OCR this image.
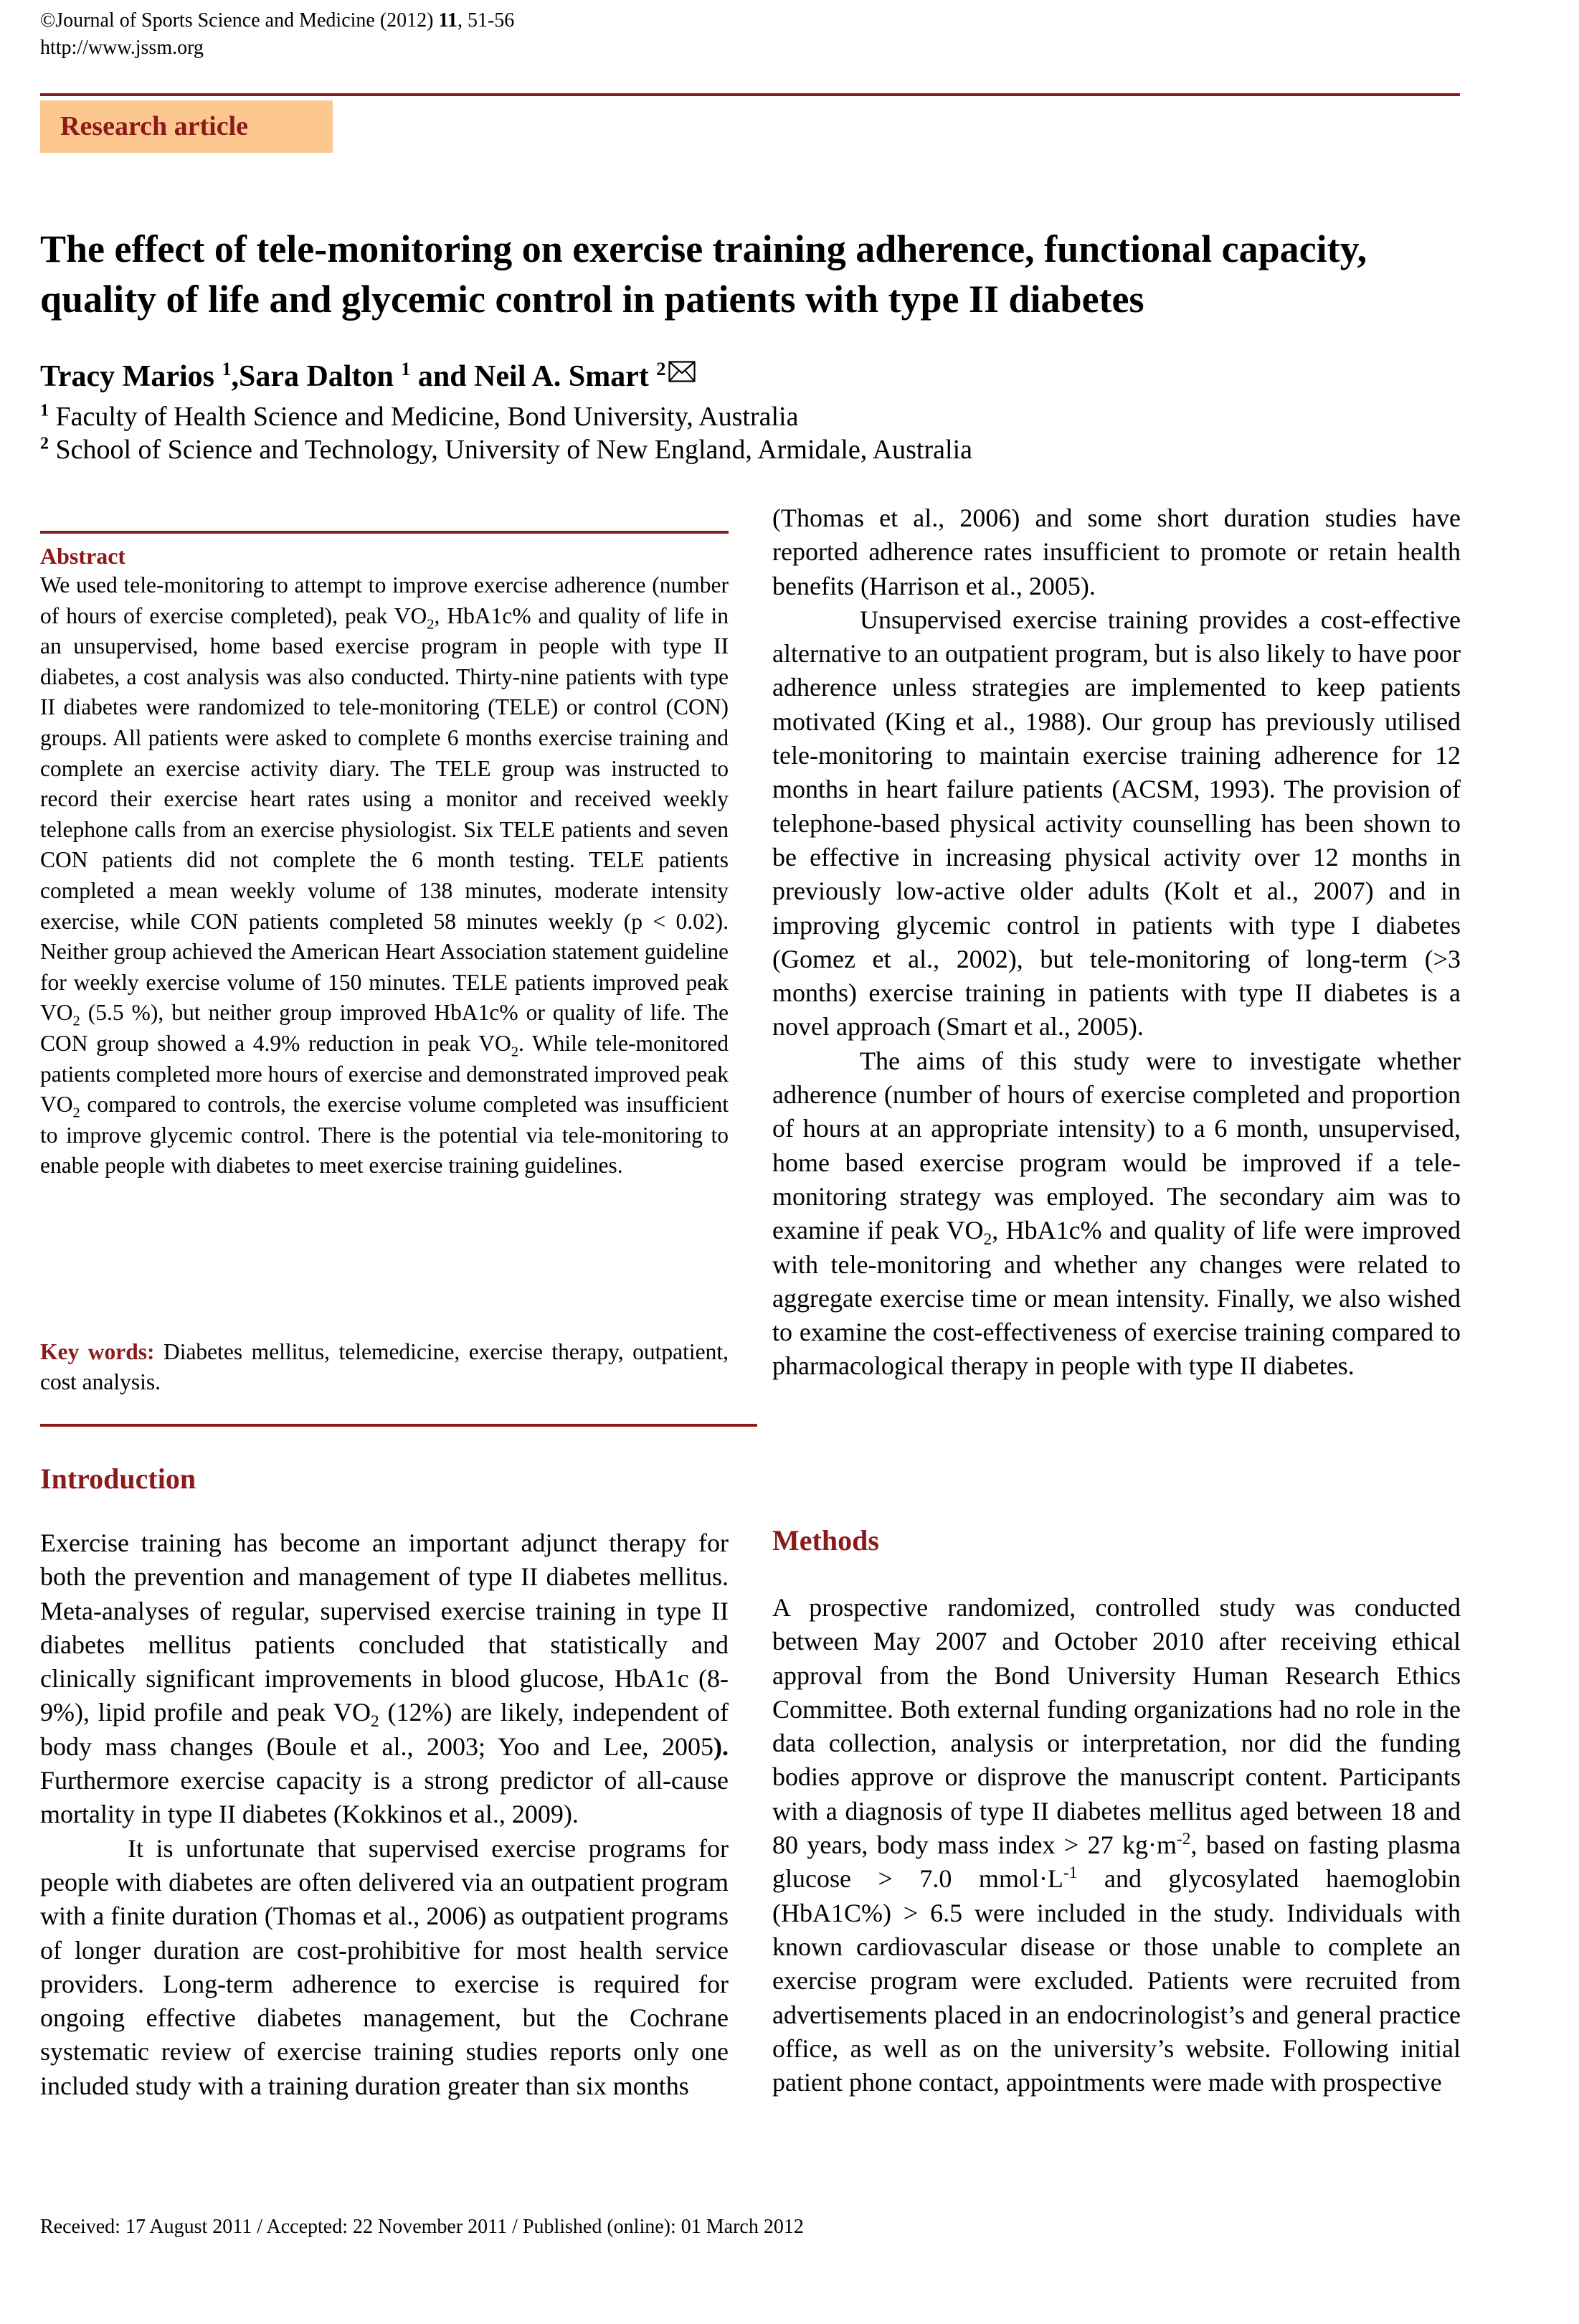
©Journal of Sports Science and Medicine (2012) 11, 51-56
http://www.jssm.org
Research article
The effect of tele-monitoring on exercise training adherence, functional capacity, quality of life and glycemic control in patients with type II diabetes
Tracy Marios $^1$,Sara Dalton $^1$ and Neil A. Smart $^2$
$^1$ Faculty of Health Science and Medicine, Bond University, Australia
$^2$ School of Science and Technology, University of New England, Armidale, Australia

Abstract

We used tele-monitoring to attempt to improve exercise adherence (number of hours of exercise completed), peak $VO_2$, HbA1c% and quality of life in an unsupervised, home based exercise program in people with type II diabetes, a cost analysis was also conducted. Thirty-nine patients with type II diabetes were randomized to tele-monitoring (TELE) or control (CON) groups. All patients were asked to complete 6 months exercise training and complete an exercise activity diary. The TELE group was instructed to record their exercise heart rates using a monitor and received weekly telephone calls from an exercise physiologist. Six TELE patients and seven CON patients did not complete the 6 month testing. TELE patients completed a mean weekly volume of 138 minutes, moderate intensity exercise, while CON patients completed 58 minutes weekly (p < 0.02). Neither group achieved the American Heart Association statement guideline for weekly exercise volume of 150 minutes. TELE patients improved peak $VO_2$ (5.5 %), but neither group improved HbA1c% or quality of life. The CON group showed a 4.9% reduction in peak $VO_2$. While tele-monitored patients completed more hours of exercise and demonstrated improved peak $VO_2$ compared to controls, the exercise volume completed was insufficient to improve glycemic control. There is the potential via tele-monitoring to enable people with diabetes to meet exercise training guidelines.

Key words: Diabetes mellitus, telemedicine, exercise therapy, outpatient, cost analysis.

Introduction

Exercise training has become an important adjunct therapy for both the prevention and management of type II diabetes mellitus. Meta-analyses of regular, supervised exercise training in type II diabetes mellitus patients concluded that statistically and clinically significant improvements in blood glucose, HbA1c (8-9%), lipid profile and peak $VO_2$ (12%) are likely, independent of body mass changes (Boule et al., 2003; Yoo and Lee, 2005). Furthermore exercise capacity is a strong predictor of all-cause mortality in type II diabetes (Kokkinos et al., 2009).

It is unfortunate that supervised exercise programs for people with diabetes are often delivered via an outpatient program with a finite duration (Thomas et al., 2006) as outpatient programs of longer duration are cost-prohibitive for most health service providers. Long-term adherence to exercise is required for ongoing effective diabetes management, but the Cochrane systematic review of exercise training studies reports only one included study with a training duration greater than six months

(Thomas et al., 2006) and some short duration studies have reported adherence rates insufficient to promote or retain health benefits (Harrison et al., 2005).

Unsupervised exercise training provides a cost-effective alternative to an outpatient program, but is also likely to have poor adherence unless strategies are implemented to keep patients motivated (King et al., 1988). Our group has previously utilised tele-monitoring to maintain exercise training adherence for 12 months in heart failure patients (ACSM, 1993). The provision of telephone-based physical activity counselling has been shown to be effective in increasing physical activity over 12 months in previously low-active older adults (Kolt et al., 2007) and in improving glycemic control in patients with type I diabetes (Gomez et al., 2002), but tele-monitoring of long-term (>3 months) exercise training in patients with type II diabetes is a novel approach (Smart et al., 2005).

The aims of this study were to investigate whether adherence (number of hours of exercise completed and proportion of hours at an appropriate intensity) to a 6 month, unsupervised, home based exercise program would be improved if a tele-monitoring strategy was employed. The secondary aim was to examine if peak $VO_2$, HbA1c% and quality of life were improved with tele-monitoring and whether any changes were related to aggregate exercise time or mean intensity. Finally, we also wished to examine the cost-effectiveness of exercise training compared to pharmacological therapy in people with type II diabetes.

Methods

A prospective randomized, controlled study was conducted between May 2007 and October 2010 after receiving ethical approval from the Bond University Human Research Ethics Committee. Both external funding organizations had no role in the data collection, analysis or interpretation, nor did the funding bodies approve or disprove the manuscript content. Participants with a diagnosis of type II diabetes mellitus aged between 18 and 80 years, body mass index > 27 $kg\cdot m^{-2}$, based on fasting plasma glucose > 7.0 $mmol\cdot L^{-1}$ and glycosylated haemoglobin (HbA1C%) > 6.5 were included in the study. Individuals with known cardiovascular disease or those unable to complete an exercise program were excluded. Patients were recruited from advertisements placed in an endocrinologist’s and general practice office, as well as on the university’s website. Following initial patient phone contact, appointments were made with prospective

Received: 17 August 2011 / Accepted: 22 November 2011 / Published (online): 01 March 2012
